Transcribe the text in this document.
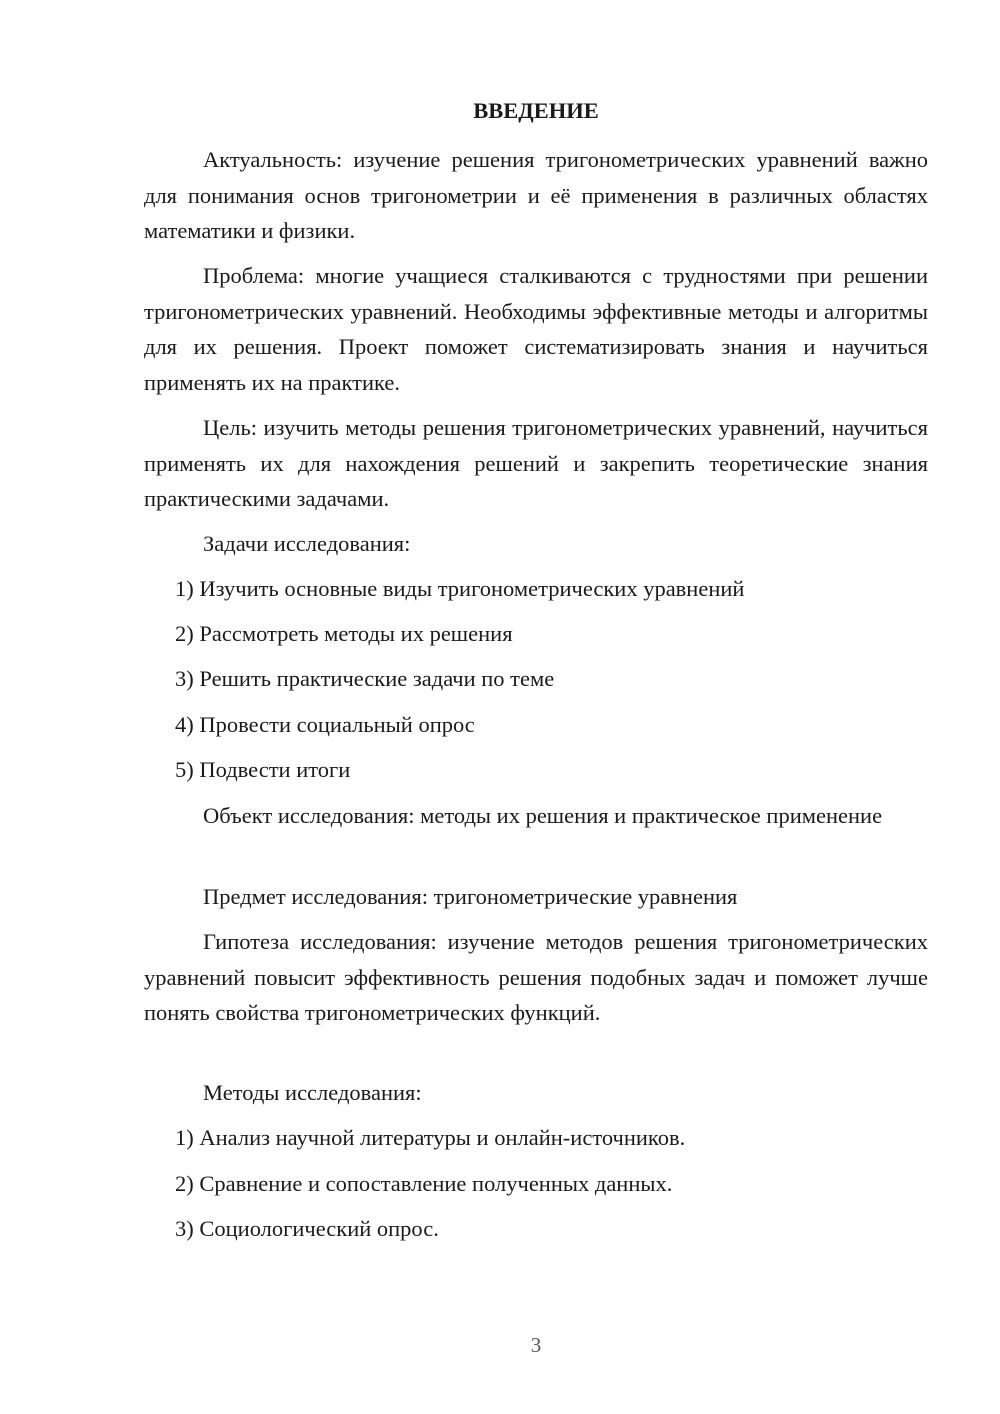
ВВЕДЕНИЕ

Актуальность: изучение решения тригонометрических уравнений важно для понимания основ тригонометрии и её применения в различных областях математики и физики.

Проблема: многие учащиеся сталкиваются с трудностями при решении тригонометрических уравнений. Необходимы эффективные методы и алгоритмы для их решения. Проект поможет систематизировать знания и научиться применять их на практике.

Цель: изучить методы решения тригонометрических уравнений, научиться применять их для нахождения решений и закрепить теоретические знания практическими задачами.

Задачи исследования:
1) Изучить основные виды тригонометрических уравнений
2) Рассмотреть методы их решения
3) Решить практические задачи по теме
4) Провести социальный опрос
5) Подвести итоги

Объект исследования: методы их решения и практическое применение

Предмет исследования: тригонометрические уравнения

Гипотеза исследования: изучение методов решения тригонометрических уравнений повысит эффективность решения подобных задач и поможет лучше понять свойства тригонометрических функций.

Методы исследования:
1) Анализ научной литературы и онлайн-источников.
2) Сравнение и сопоставление полученных данных.
3) Социологический опрос.
3
